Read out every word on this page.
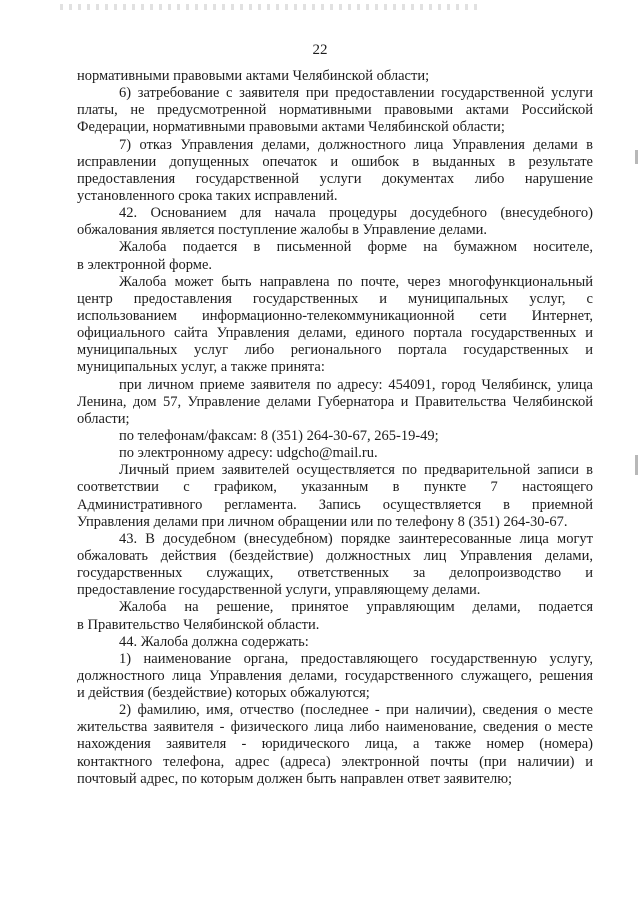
22
нормативными правовыми актами Челябинской области;
6) затребование с заявителя при предоставлении государственной услуги
платы, не предусмотренной нормативными правовыми актами Российской
Федерации, нормативными правовыми актами Челябинской области;
7) отказ Управления делами, должностного лица Управления делами в
исправлении допущенных опечаток и ошибок в выданных в результате
предоставления государственной услуги документах либо нарушение
установленного срока таких исправлений.
42. Основанием для начала процедуры досудебного (внесудебного)
обжалования является поступление жалобы в Управление делами.
Жалоба подается в письменной форме на бумажном носителе,
в электронной форме.
Жалоба может быть направлена по почте, через многофункциональный
центр предоставления государственных и муниципальных услуг, с
использованием информационно-телекоммуникационной сети Интернет,
официального сайта Управления делами, единого портала государственных и
муниципальных услуг либо регионального портала государственных и
муниципальных услуг, а также принята:
при личном приеме заявителя по адресу: 454091, город Челябинск, улица
Ленина, дом 57, Управление делами Губернатора и Правительства Челябинской
области;
по телефонам/факсам: 8 (351) 264-30-67, 265-19-49;
по электронному адресу: udgcho@mail.ru.
Личный прием заявителей осуществляется по предварительной записи в
соответствии с графиком, указанным в пункте 7 настоящего
Административного регламента. Запись осуществляется в приемной
Управления делами при личном обращении или по телефону 8 (351) 264-30-67.
43. В досудебном (внесудебном) порядке заинтересованные лица могут
обжаловать действия (бездействие) должностных лиц Управления делами,
государственных служащих, ответственных за делопроизводство и
предоставление государственной услуги, управляющему делами.
Жалоба на решение, принятое управляющим делами, подается
в Правительство Челябинской области.
44. Жалоба должна содержать:
1) наименование органа, предоставляющего государственную услугу,
должностного лица Управления делами, государственного служащего, решения
и действия (бездействие) которых обжалуются;
2) фамилию, имя, отчество (последнее - при наличии), сведения о месте
жительства заявителя - физического лица либо наименование, сведения о месте
нахождения заявителя - юридического лица, а также номер (номера)
контактного телефона, адрес (адреса) электронной почты (при наличии) и
почтовый адрес, по которым должен быть направлен ответ заявителю;
